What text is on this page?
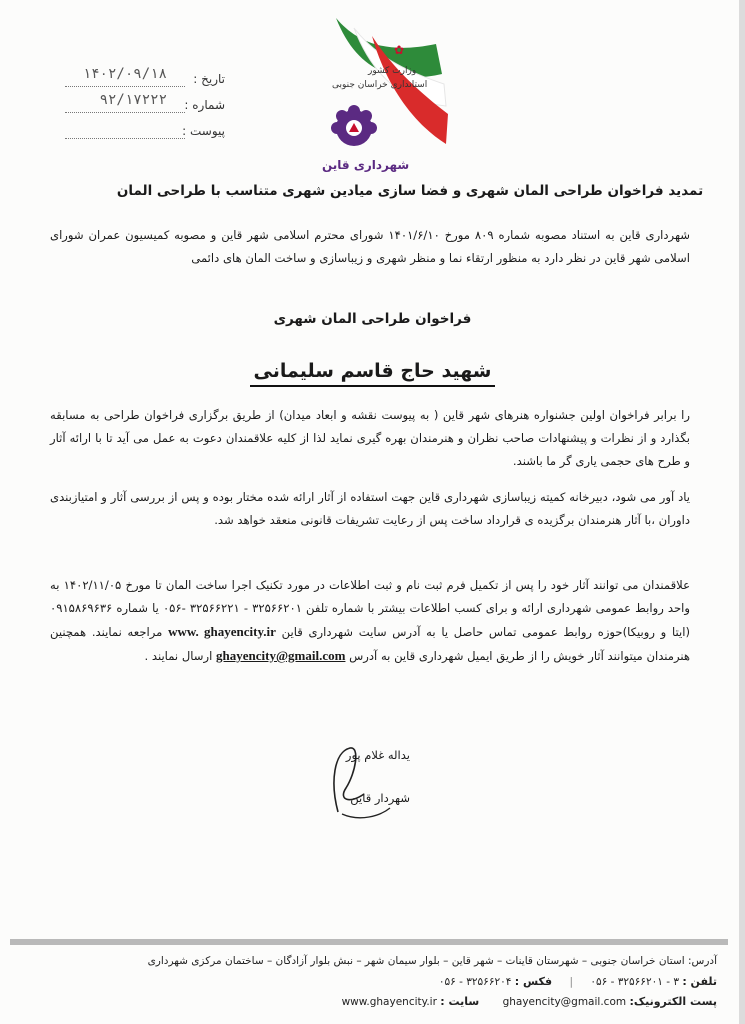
✿
وزارت کشور
استانداری خراسان جنوبی
شهرداری قاین
تاریخ :
۱۴۰۲/۰۹/۱۸
شماره :
۹۲/۱۷۲۲۲
پیوست :
تمدید فراخوان طراحی المان شهری و فضا سازی میادین شهری متناسب با طراحی المان
شهرداری قاین به استناد مصوبه شماره ۸۰۹ مورخ ۱۴۰۱/۶/۱۰ شورای محترم اسلامی شهر قاین و مصوبه کمیسیون عمران شورای اسلامی شهر قاین در نظر دارد به منظور ارتقاء نما و منظر شهری و زیباسازی و ساخت المان های دائمی
فراخوان طراحی المان شهری
شهید حاج قاسم سلیمانی
را برابر فراخوان اولین جشنواره هنرهای شهر قاین ( به پیوست نقشه و ابعاد میدان) از طریق برگزاری فراخوان طراحی به مسابقه بگذارد و از نظرات و پیشنهادات صاحب نظران و هنرمندان بهره گیری نماید لذا از کلیه علاقمندان دعوت به عمل می آید تا با ارائه آثار و طرح های حجمی یاری گر ما باشند.
یاد آور می شود، دبیرخانه کمیته زیباسازی شهرداری قاین جهت استفاده از آثار ارائه شده مختار بوده و پس از بررسی آثار و امتیازبندی داوران ،با آثار هنرمندان برگزیده ی قرارداد ساخت پس از رعایت تشریفات قانونی منعقد خواهد شد.
علاقمندان می توانند آثار خود را پس از تکمیل فرم ثبت نام و ثبت اطلاعات در مورد تکنیک اجرا ساخت المان تا مورخ ۱۴۰۲/۱۱/۰۵ به واحد روابط عمومی شهرداری ارائه و برای کسب اطلاعات بیشتر با شماره تلفن ۳۲۵۶۶۲۰۱ - ۳۲۵۶۶۲۲۱ -۰۵۶ یا شماره ۰۹۱۵۸۶۹۶۳۶ (ایتا و روبیکا)حوزه روابط عمومی تماس حاصل یا به آدرس سایت شهرداری قاین www. ghayencity.ir مراجعه نمایند. همچنین هنرمندان میتوانند آثار خویش را از طریق ایمیل شهرداری قاین به آدرس ghayencity@gmail.com ارسال نمایند .
یداله غلام پور
شهردار قاین
آدرس: استان خراسان جنوبی – شهرستان قاینات – شهر قاین – بلوار سیمان شهر – نبش بلوار آزادگان – ساختمان مرکزی شهرداری
تلفن : ۳ - ۳۲۵۶۶۲۰۱ - ۰۵۶ | فکس : ۳۲۵۶۶۲۰۴ - ۰۵۶
پست الکترونیک: ghayencity@gmail.com سایت : www.ghayencity.ir
